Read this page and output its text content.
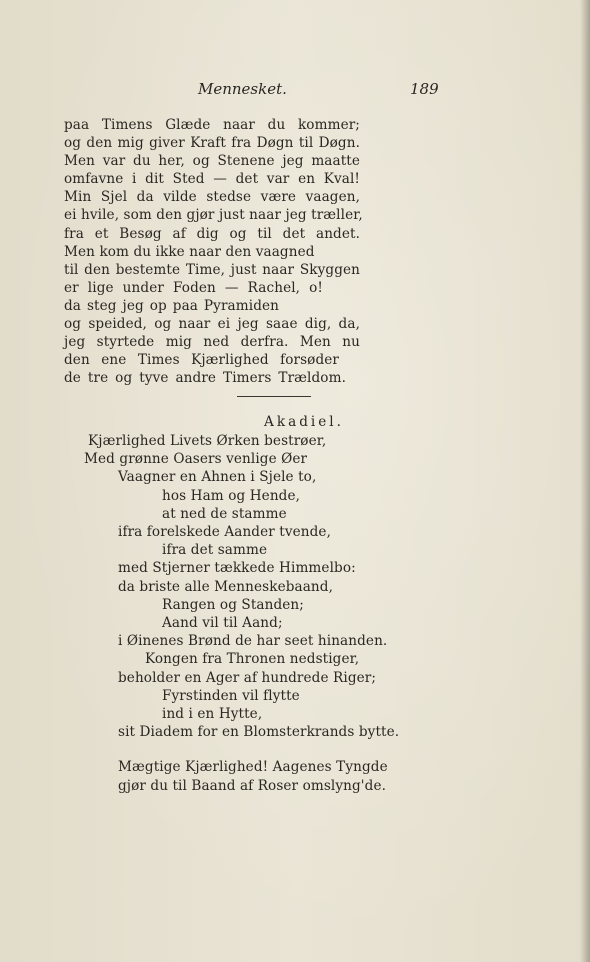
Mennesket.	189
paa Timens Glæde naar du kommer;
og den mig giver Kraft fra Døgn til Døgn.
Men var du her, og Stenene jeg maatte
omfavne i dit Sted — det var en Kval!
Min Sjel da vilde stedse være vaagen,
ei hvile, som den gjør just naar jeg træller,
fra et Besøg af dig og til det andet.
Men kom du ikke naar den vaagned
til den bestemte Time, just naar Skyggen
er lige under Foden — Rachel, o!
da steg jeg op paa Pyramiden
og speided, og naar ei jeg saae dig, da,
jeg styrtede mig ned derfra. Men nu
den ene Times Kjærlighed forsøder
de tre og tyve andre Timers Trældom.
Akadiel.
Kjærlighed Livets Ørken bestrøer,
Med grønne Oasers venlige Øer
Vaagner en Ahnen i Sjele to,
hos Ham og Hende,
at ned de stamme
ifra forelskede Aander tvende,
ifra det samme
med Stjerner tækkede Himmelbo:
da briste alle Menneskebaand,
Rangen og Standen;
Aand vil til Aand;
i Øinenes Brønd de har seet hinanden.
Kongen fra Thronen nedstiger,
beholder en Ager af hundrede Riger;
Fyrstinden vil flytte
ind i en Hytte,
sit Diadem for en Blomsterkrands bytte.
Mægtige Kjærlighed! Aagenes Tyngde
gjør du til Baand af Roser omslyng'de.
